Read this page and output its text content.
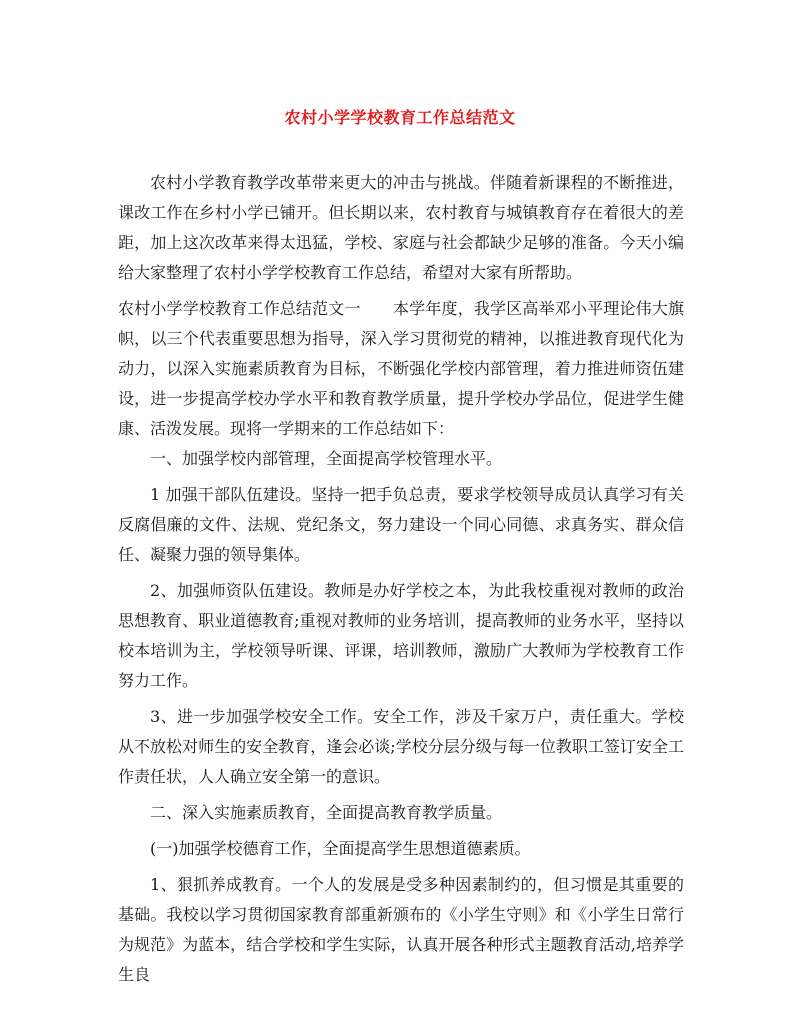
农村小学学校教育工作总结范文

农村小学教育教学改革带来更大的冲击与挑战。伴随着新课程的不断推进，课改工作在乡村小学已铺开。但长期以来，农村教育与城镇教育存在着很大的差距，加上这次改革来得太迅猛，学校、家庭与社会都缺少足够的准备。今天小编给大家整理了农村小学学校教育工作总结，希望对大家有所帮助。

农村小学学校教育工作总结范文一　　本学年度，我学区高举邓小平理论伟大旗帜，以三个代表重要思想为指导，深入学习贯彻党的精神，以推进教育现代化为动力，以深入实施素质教育为目标，不断强化学校内部管理，着力推进师资伍建设，进一步提高学校办学水平和教育教学质量，提升学校办学品位，促进学生健康、活泼发展。现将一学期来的工作总结如下：

一、加强学校内部管理，全面提高学校管理水平。

1 加强干部队伍建设。坚持一把手负总责，要求学校领导成员认真学习有关反腐倡廉的文件、法规、党纪条文，努力建设一个同心同德、求真务实、群众信任、凝聚力强的领导集体。

2、加强师资队伍建设。教师是办好学校之本，为此我校重视对教师的政治思想教育、职业道德教育;重视对教师的业务培训，提高教师的业务水平，坚持以校本培训为主，学校领导听课、评课，培训教师，激励广大教师为学校教育工作努力工作。

3、进一步加强学校安全工作。安全工作，涉及千家万户，责任重大。学校从不放松对师生的安全教育，逢会必谈;学校分层分级与每一位教职工签订安全工作责任状，人人确立安全第一的意识。

二、深入实施素质教育，全面提高教育教学质量。

(一)加强学校德育工作，全面提高学生思想道德素质。

1、狠抓养成教育。一个人的发展是受多种因素制约的，但习惯是其重要的基础。我校以学习贯彻国家教育部重新颁布的《小学生守则》和《小学生日常行为规范》为蓝本，结合学校和学生实际，认真开展各种形式主题教育活动,培养学生良
